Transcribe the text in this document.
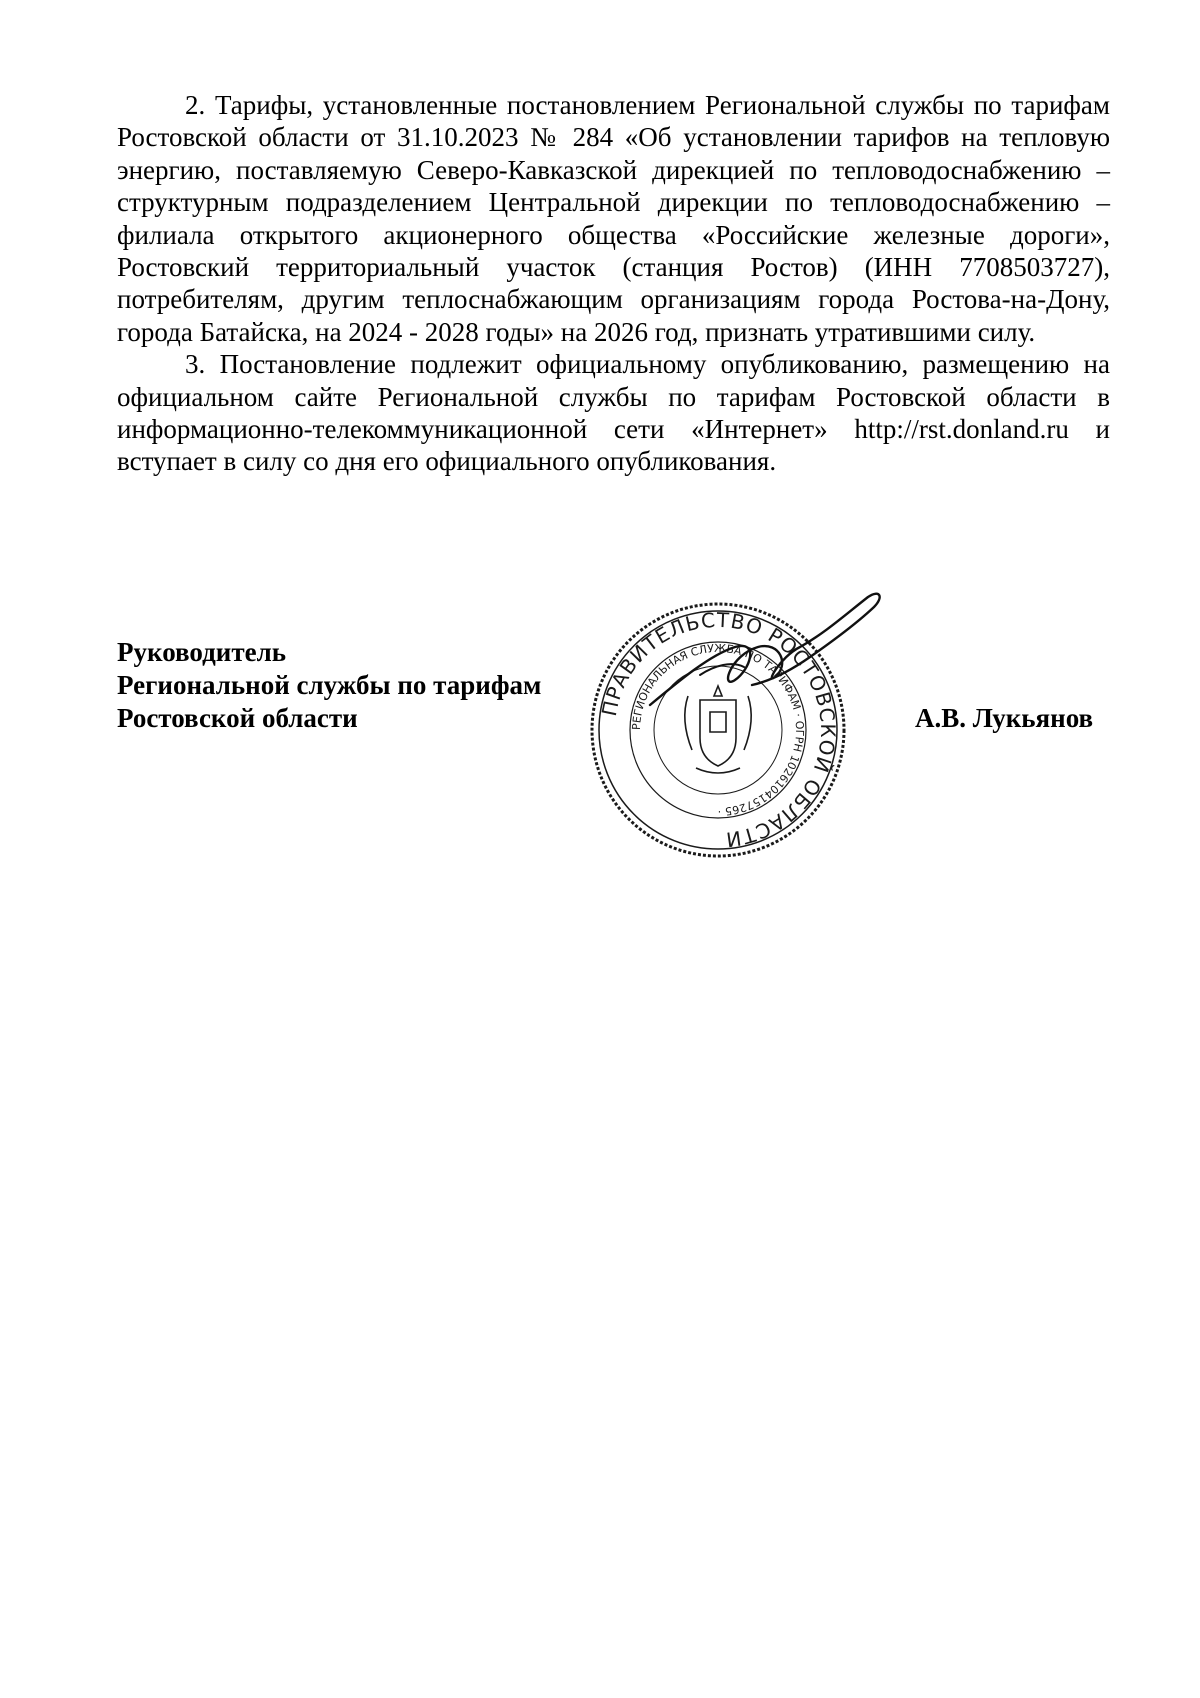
2. Тарифы, установленные постановлением Региональной службы по тарифам Ростовской области от 31.10.2023 № 284 «Об установлении тарифов на тепловую энергию, поставляемую Северо-Кавказской дирекцией по тепловодоснабжению – структурным подразделением Центральной дирекции по тепловодоснабжению – филиала открытого акционерного общества «Российские железные дороги», Ростовский территориальный участок (станция Ростов) (ИНН 7708503727), потребителям, другим теплоснабжающим организациям города Ростова-на-Дону, города Батайска, на 2024 - 2028 годы» на 2026 год, признать утратившими силу.

3. Постановление подлежит официальному опубликованию, размещению на официальном сайте Региональной службы по тарифам Ростовской области в информационно-телекоммуникационной сети «Интернет» http://rst.donland.ru и вступает в силу со дня его официального опубликования.

Руководитель
Региональной службы по тарифам
Ростовской области	А.В. Лукьянов
ПРАВИТЕЛЬСТВО РОСТОВСКОЙ ОБЛАСТИ
РЕГИОНАЛЬНАЯ СЛУЖБА ПО ТАРИФАМ · ОГРН 1026104157265 ·
